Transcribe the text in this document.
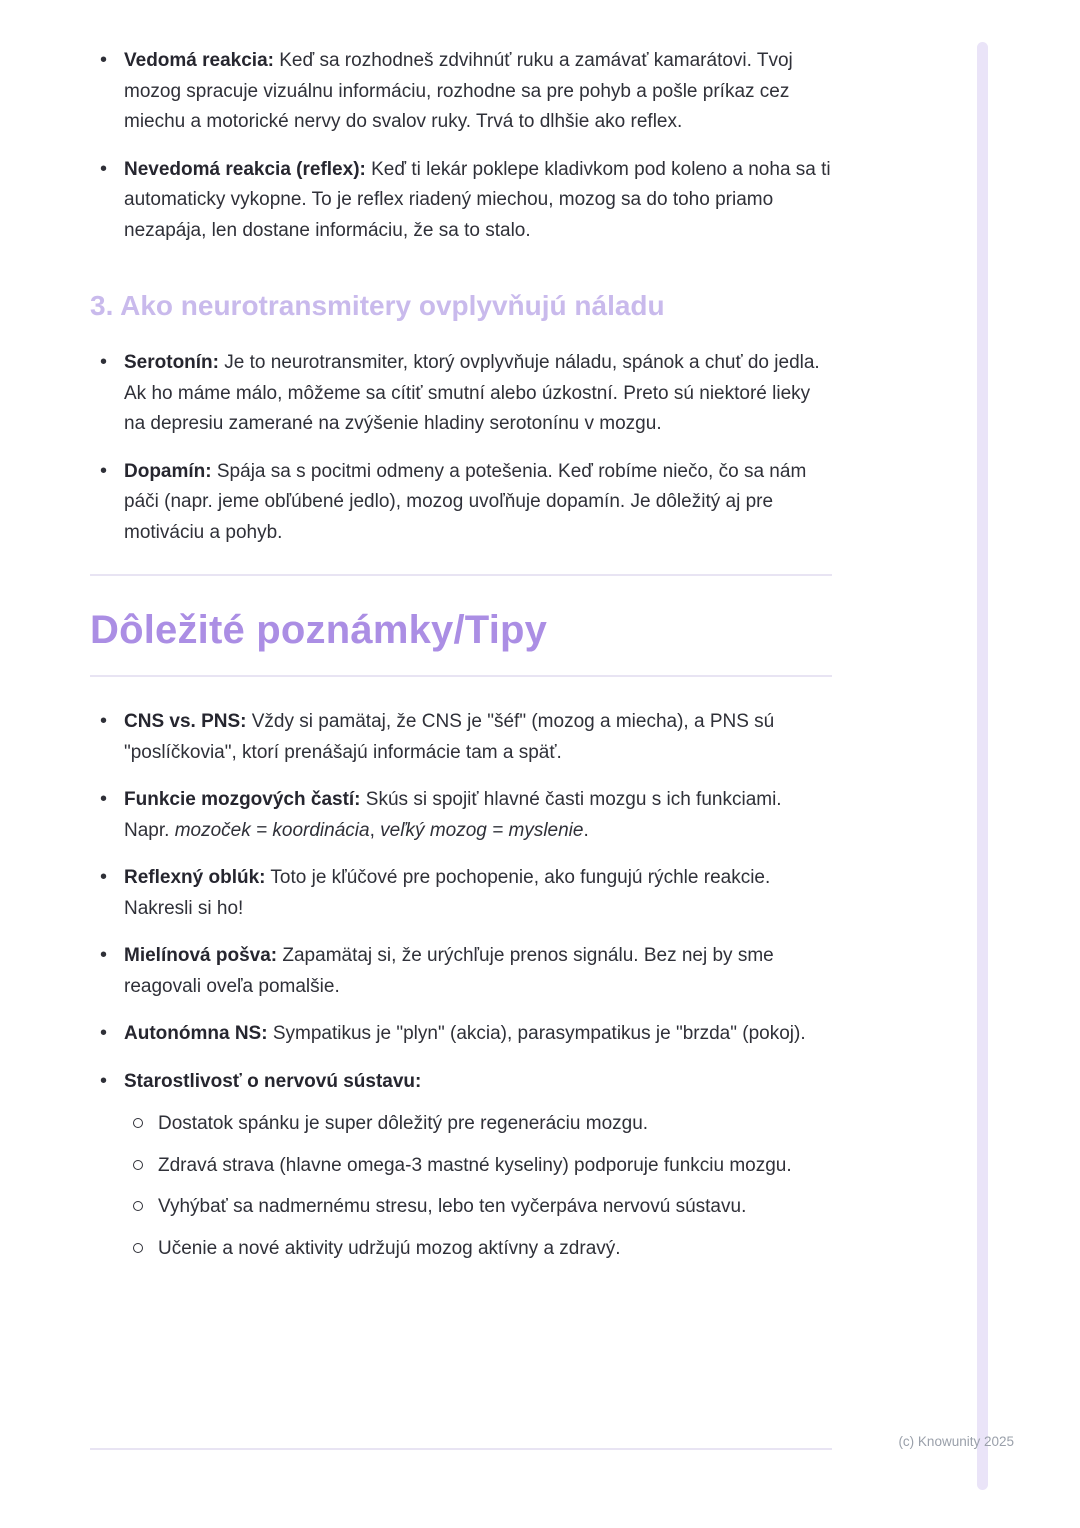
• Vedomá reakcia: Keď sa rozhodneš zdvihnúť ruku a zamávať kamarátovi. Tvoj mozog spracuje vizuálnu informáciu, rozhodne sa pre pohyb a pošle príkaz cez miechu a motorické nervy do svalov ruky. Trvá to dlhšie ako reflex.
• Nevedomá reakcia (reflex): Keď ti lekár poklepe kladivkom pod koleno a noha sa ti automaticky vykopne. To je reflex riadený miechou, mozog sa do toho priamo nezapája, len dostane informáciu, že sa to stalo.
3. Ako neurotransmitery ovplyvňujú náladu
• Serotonín: Je to neurotransmiter, ktorý ovplyvňuje náladu, spánok a chuť do jedla. Ak ho máme málo, môžeme sa cítiť smutní alebo úzkostní. Preto sú niektoré lieky na depresiu zamerané na zvýšenie hladiny serotonínu v mozgu.
• Dopamín: Spája sa s pocitmi odmeny a potešenia. Keď robíme niečo, čo sa nám páči (napr. jeme obľúbené jedlo), mozog uvoľňuje dopamín. Je dôležitý aj pre motiváciu a pohyb.
Dôležité poznámky/Tipy
• CNS vs. PNS: Vždy si pamätaj, že CNS je "šéf" (mozog a miecha), a PNS sú "poslíčkovia", ktorí prenášajú informácie tam a späť.
• Funkcie mozgových častí: Skús si spojiť hlavné časti mozgu s ich funkciami. Napr. mozoček = koordinácia, veľký mozog = myslenie.
• Reflexný oblúk: Toto je kľúčové pre pochopenie, ako fungujú rýchle reakcie. Nakresli si ho!
• Mielínová pošva: Zapamätaj si, že urýchľuje prenos signálu. Bez nej by sme reagovali oveľa pomalšie.
• Autonómna NS: Sympatikus je "plyn" (akcia), parasympatikus je "brzda" (pokoj).
• Starostlivosť o nervovú sústavu:
Dostatok spánku je super dôležitý pre regeneráciu mozgu.
Zdravá strava (hlavne omega-3 mastné kyseliny) podporuje funkciu mozgu.
Vyhýbať sa nadmernému stresu, lebo ten vyčerpáva nervovú sústavu.
Učenie a nové aktivity udržujú mozog aktívny a zdravý.
(c) Knowunity 2025
